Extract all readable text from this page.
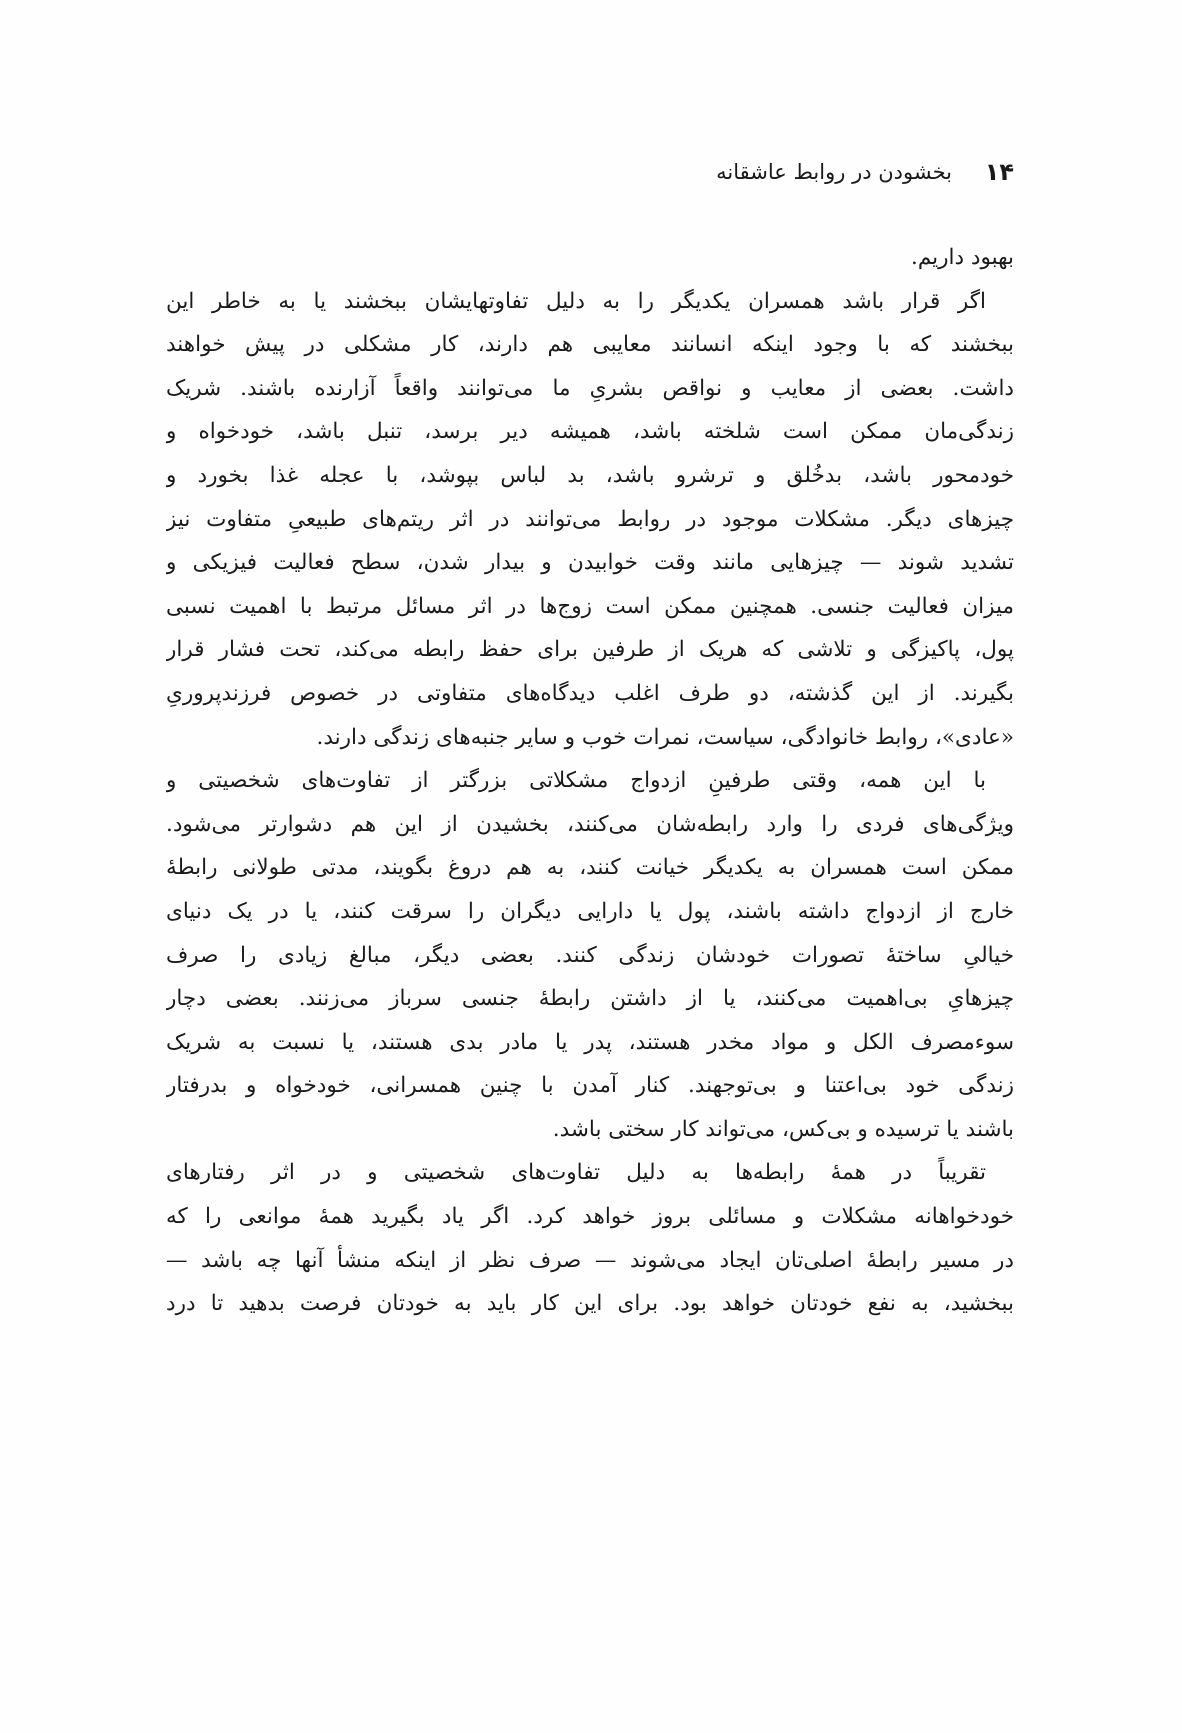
۱۴
بخشودن در روابط عاشقانه
بهبود داریم.
اگر قرار باشد همسران یکدیگر را به دلیل تفاوتهایشان ببخشند یا به خاطر این
ببخشند که با وجود اینکه انسانند معایبی هم دارند، کار مشکلی در پیش خواهند
داشت. بعضی از معایب و نواقص بشریِ ما می‌توانند واقعاً آزارنده باشند. شریک
زندگی‌مان ممکن است شلخته باشد، همیشه دیر برسد، تنبل باشد، خودخواه و
خودمحور باشد، بدخُلق و ترشرو باشد، بد لباس بپوشد، با عجله غذا بخورد و
چیزهای دیگر. مشکلات موجود در روابط می‌توانند در اثر ریتم‌های طبیعیِ متفاوت نیز
تشدید شوند — چیزهایی مانند وقت خوابیدن و بیدار شدن، سطح فعالیت فیزیکی و
میزان فعالیت جنسی. همچنین ممکن است زوج‌ها در اثر مسائل مرتبط با اهمیت نسبی
پول، پاکیزگی و تلاشی که هریک از طرفین برای حفظ رابطه می‌کند، تحت فشار قرار
بگیرند. از این گذشته، دو طرف اغلب دیدگاه‌های متفاوتی در خصوص فرزندپروریِ
«عادی»، روابط خانوادگی، سیاست، نمرات خوب و سایر جنبه‌های زندگی دارند.
با این همه، وقتی طرفینِ ازدواج مشکلاتی بزرگتر از تفاوت‌های شخصیتی و
ویژگی‌های فردی را وارد رابطه‌شان می‌کنند، بخشیدن از این هم دشوارتر می‌شود.
ممکن است همسران به یکدیگر خیانت کنند، به هم دروغ بگویند، مدتی طولانی رابطهٔ
خارج از ازدواج داشته باشند، پول یا دارایی دیگران را سرقت کنند، یا در یک دنیای
خیالیِ ساختهٔ تصورات خودشان زندگی کنند. بعضی دیگر، مبالغ زیادی را صرف
چیزهایِ بی‌اهمیت می‌کنند، یا از داشتن رابطهٔ جنسی سرباز می‌زنند. بعضی دچار
سوءمصرف الکل و مواد مخدر هستند، پدر یا مادر بدی هستند، یا نسبت به شریک
زندگی خود بی‌اعتنا و بی‌توجهند. کنار آمدن با چنین همسرانی، خودخواه و بدرفتار
باشند یا ترسیده و بی‌کس، می‌تواند کار سختی باشد.
تقریباً در همهٔ رابطه‌ها به دلیل تفاوت‌های شخصیتی و در اثر رفتارهای
خودخواهانه مشکلات و مسائلی بروز خواهد کرد. اگر یاد بگیرید همهٔ موانعی را که
در مسیر رابطهٔ اصلی‌تان ایجاد می‌شوند — صرف نظر از اینکه منشأ آنها چه باشد —
ببخشید، به نفع خودتان خواهد بود. برای این کار باید به خودتان فرصت بدهید تا درد
